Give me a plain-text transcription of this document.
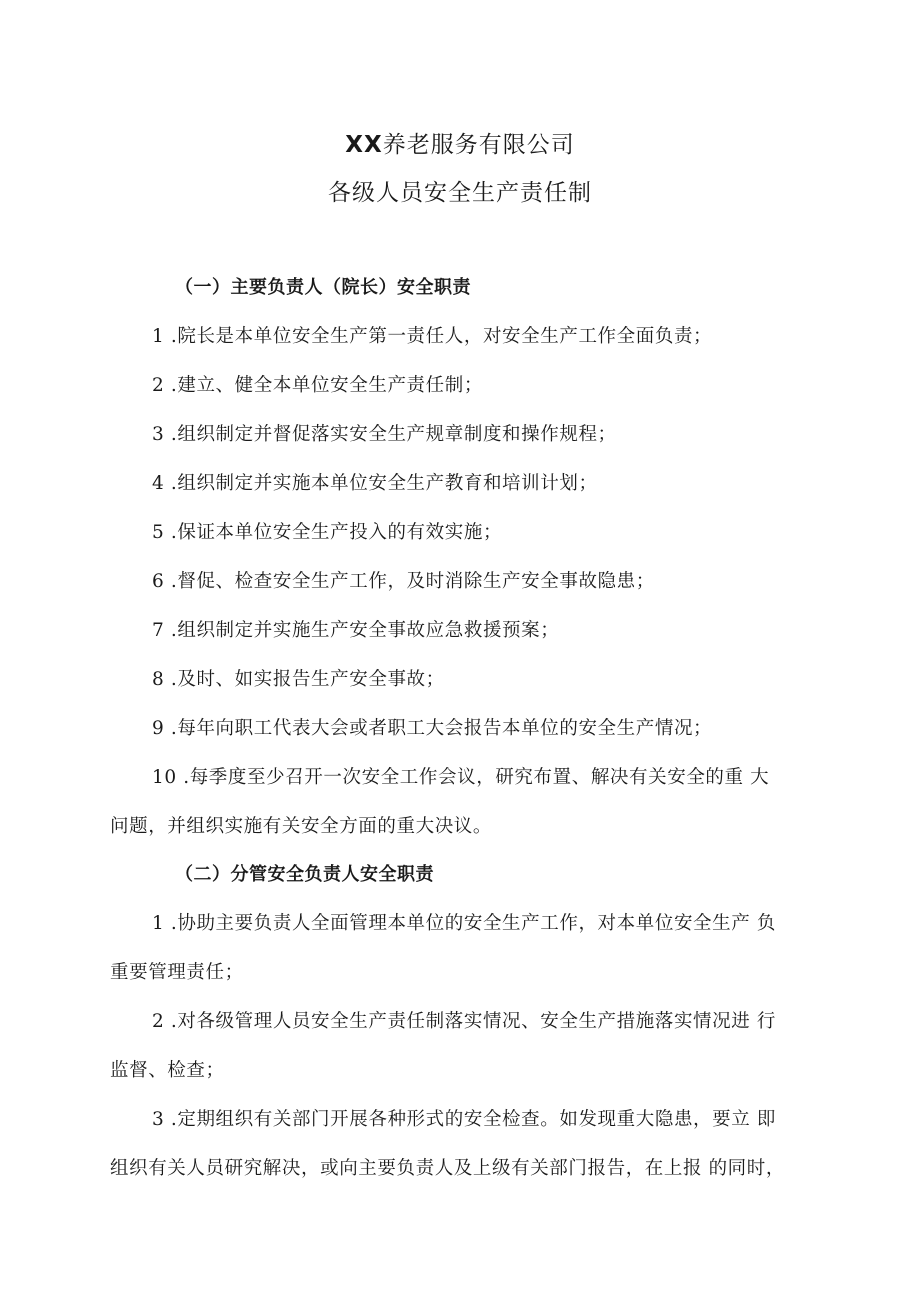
XX养老服务有限公司
各级人员安全生产责任制
（一）主要负责人（院长）安全职责
1 .院长是本单位安全生产第一责任人，对安全生产工作全面负责；
2 .建立、健全本单位安全生产责任制；
3 .组织制定并督促落实安全生产规章制度和操作规程；
4 .组织制定并实施本单位安全生产教育和培训计划；
5 .保证本单位安全生产投入的有效实施；
6 .督促、检查安全生产工作，及时消除生产安全事故隐患；
7 .组织制定并实施生产安全事故应急救援预案；
8 .及时、如实报告生产安全事故；
9 .每年向职工代表大会或者职工大会报告本单位的安全生产情况；
10 .每季度至少召开一次安全工作会议，研究布置、解决有关安全的重 大
问题，并组织实施有关安全方面的重大决议。
（二）分管安全负责人安全职责
1 .协助主要负责人全面管理本单位的安全生产工作，对本单位安全生产 负
重要管理责任；
2 .对各级管理人员安全生产责任制落实情况、安全生产措施落实情况进 行
监督、检查；
3 .定期组织有关部门开展各种形式的安全检查。如发现重大隐患，要立 即
组织有关人员研究解决，或向主要负责人及上级有关部门报告，在上报 的同时，
